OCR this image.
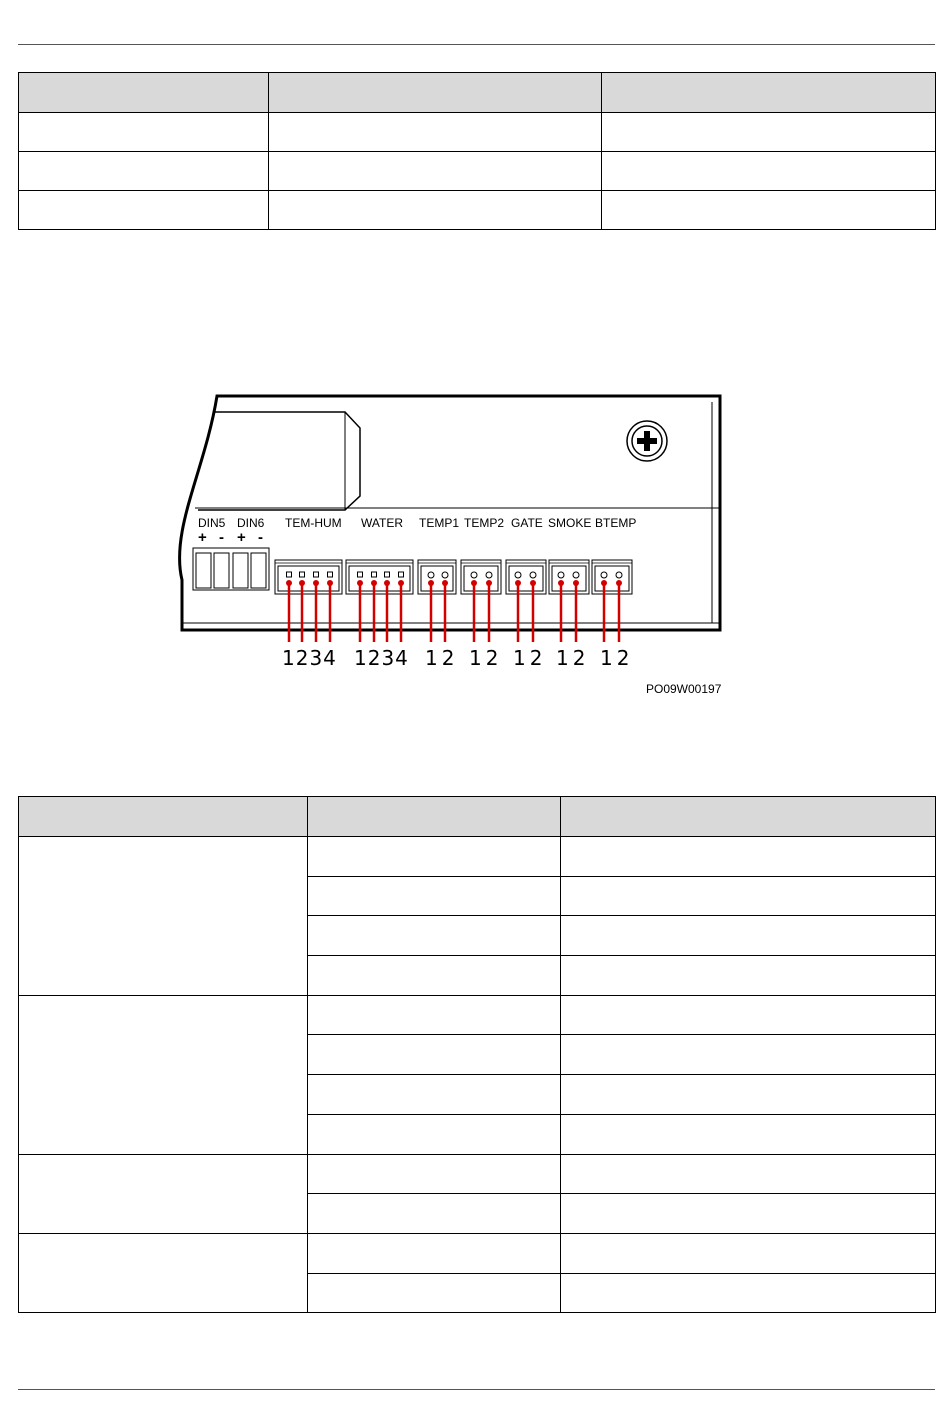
DIN5 DIN6 TEM-HUM WATER TEMP1 TEMP2 GATE SMOKE BTEMP
+ - + -
1234 1234 12 12 12 12 12
PO09W00197
